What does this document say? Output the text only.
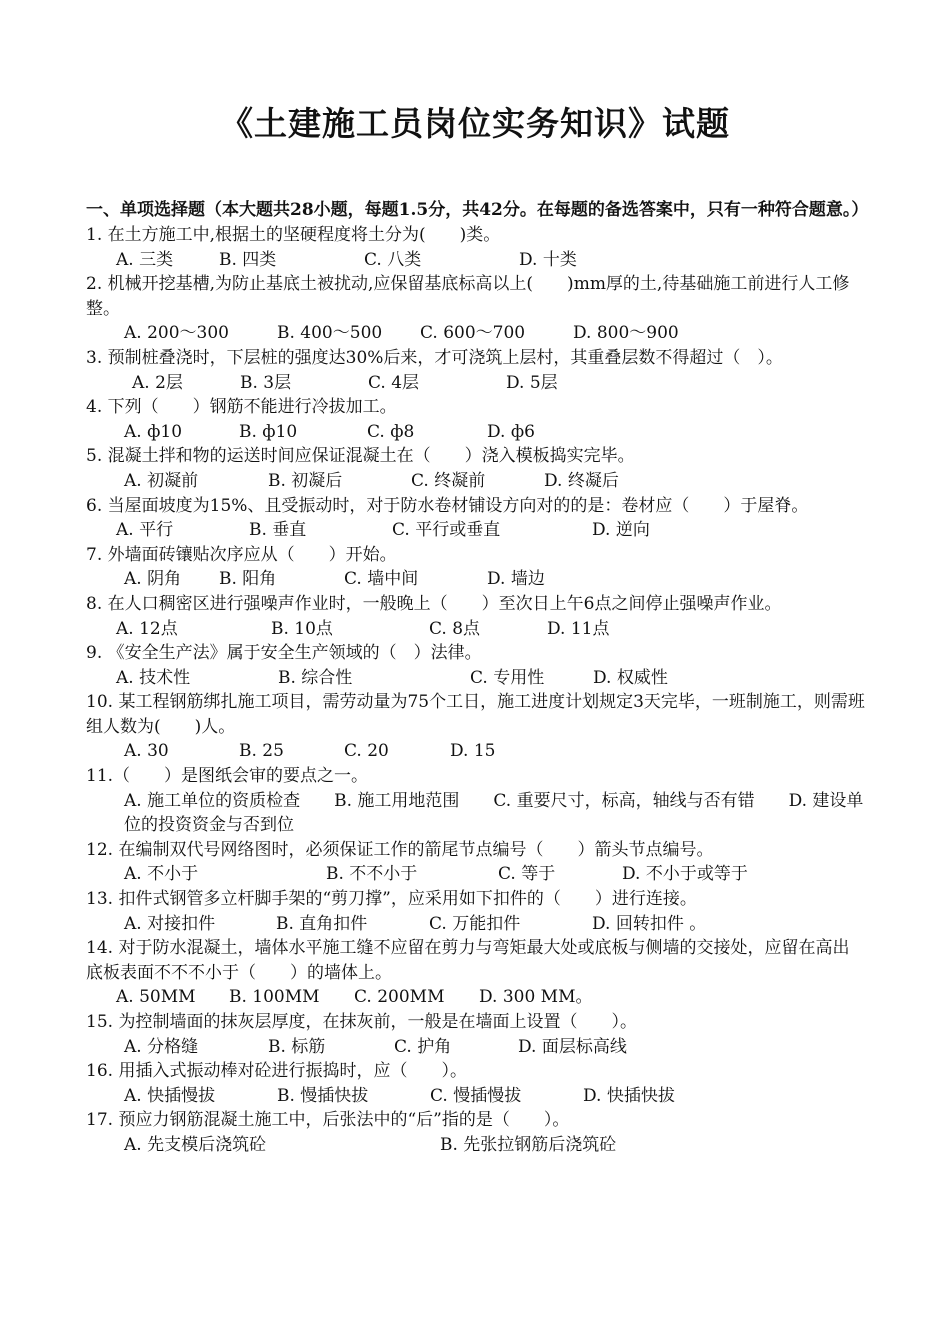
《土建施工员岗位实务知识》试题
一、单项选择题（本大题共28小题，每题1.5分，共42分。在每题的备选答案中，只有一种符合题意。）
1. 在土方施工中,根据土的坚硬程度将土分为(　　)类。
A. 三类	B. 四类	C. 八类	D. 十类
2. 机械开挖基槽,为防止基底土被扰动,应保留基底标高以上(　　)mm厚的土,待基础施工前进行人工修整。
A. 200～300	B. 400～500 C. 600～700	D. 800～900
3. 预制桩叠浇时，下层桩的强度达30%后来，才可浇筑上层村，其重叠层数不得超过（　）。
A. 2层	B. 3层	C. 4层	D. 5层
4. 下列（　　）钢筋不能进行冷拔加工。
A. ф10	B. ф10	C. ф8	D. ф6
5. 混凝土拌和物的运送时间应保证混凝土在（　　）浇入模板捣实完毕。
A. 初凝前	B. 初凝后	C. 终凝前	D. 终凝后
6. 当屋面坡度为15%、且受振动时，对于防水卷材铺设方向对的的是：卷材应（　　）于屋脊。
A. 平行	B. 垂直	C. 平行或垂直	D. 逆向
7. 外墙面砖镶贴次序应从（　　）开始。
A. 阴角 B. 阳角	C. 墙中间	D. 墙边
8. 在人口稠密区进行强噪声作业时，一般晚上（　　）至次日上午6点之间停止强噪声作业。
A. 12点	B. 10点	C. 8点	D. 11点
9. 《安全生产法》属于安全生产领域的（　）法律。
A. 技术性	B. 综合性	C. 专用性	D. 权威性
10. 某工程钢筋绑扎施工项目，需劳动量为75个工日，施工进度计划规定3天完毕，一班制施工，则需班组人数为(　　)人。
A. 30	B. 25	C. 20	D. 15
11.（　　）是图纸会审的要点之一。
A. 施工单位的资质检查　　B. 施工用地范围　　C. 重要尺寸，标高，轴线与否有错　　D. 建设单位的投资资金与否到位
12. 在编制双代号网络图时，必须保证工作的箭尾节点编号（　　）箭头节点编号。
A. 不小于	B. 不不小于	C. 等于	D. 不小于或等于
13. 扣件式钢管多立杆脚手架的“剪刀撑”，应采用如下扣件的（　　）进行连接。
A. 对接扣件	B. 直角扣件	C. 万能扣件	D. 回转扣件 。
14. 对于防水混凝土，墙体水平施工缝不应留在剪力与弯矩最大处或底板与侧墙的交接处，应留在高出底板表面不不不小于（　　）的墙体上。
A. 50MM B. 100MM C. 200MM D. 300 MM。
15. 为控制墙面的抹灰层厚度，在抹灰前，一般是在墙面上设置（　　）。
A. 分格缝	B. 标筋	C. 护角	D. 面层标高线
16. 用插入式振动棒对砼进行振捣时，应（　　）。
A. 快插慢拔	B. 慢插快拔	C. 慢插慢拔	D. 快插快拔
17. 预应力钢筋混凝土施工中，后张法中的“后”指的是（　　）。
A. 先支模后浇筑砼	B. 先张拉钢筋后浇筑砼
